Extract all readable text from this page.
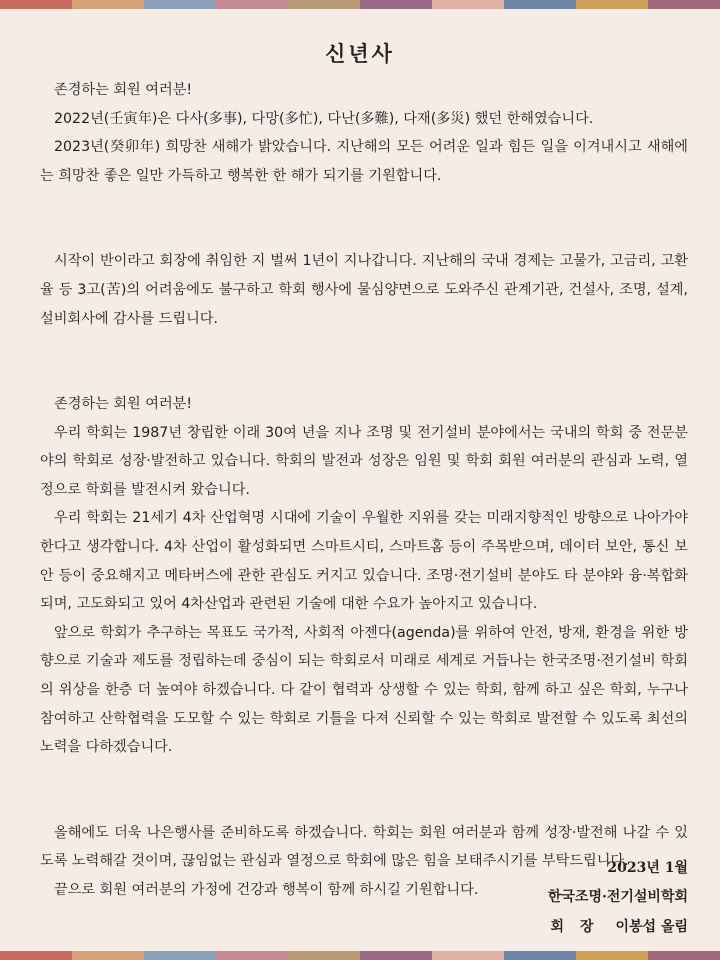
신년사

존경하는 회원 여러분!

2022년(壬寅年)은 다사(多事), 다망(多忙), 다난(多難), 다재(多災) 했던 한해였습니다.

2023년(癸卯年) 희망찬 새해가 밝았습니다. 지난해의 모든 어려운 일과 힘든 일을 이겨내시고 새해에는 희망찬 좋은 일만 가득하고 행복한 한 해가 되기를 기원합니다.

시작이 반이라고 회장에 취임한 지 벌써 1년이 지나갑니다. 지난해의 국내 경제는 고물가, 고금리, 고환율 등 3고(苦)의 어려움에도 불구하고 학회 행사에 물심양면으로 도와주신 관계기관, 건설사, 조명, 설계, 설비회사에 감사를 드립니다.

존경하는 회원 여러분!

우리 학회는 1987년 창립한 이래 30여 년을 지나 조명 및 전기설비 분야에서는 국내의 학회 중 전문분야의 학회로 성장·발전하고 있습니다. 학회의 발전과 성장은 임원 및 학회 회원 여러분의 관심과 노력, 열정으로 학회를 발전시켜 왔습니다.

우리 학회는 21세기 4차 산업혁명 시대에 기술이 우월한 지위를 갖는 미래지향적인 방향으로 나아가야 한다고 생각합니다. 4차 산업이 활성화되면 스마트시티, 스마트홈 등이 주목받으며, 데이터 보안, 통신 보안 등이 중요해지고 메타버스에 관한 관심도 커지고 있습니다. 조명·전기설비 분야도 타 분야와 융·복합화 되며, 고도화되고 있어 4차산업과 관련된 기술에 대한 수요가 높아지고 있습니다.

앞으로 학회가 추구하는 목표도 국가적, 사회적 아젠다(agenda)를 위하여 안전, 방재, 환경을 위한 방향으로 기술과 제도를 정립하는데 중심이 되는 학회로서 미래로 세계로 거듭나는 한국조명·전기설비 학회의 위상을 한층 더 높여야 하겠습니다. 다 같이 협력과 상생할 수 있는 학회, 함께 하고 싶은 학회, 누구나 참여하고 산학협력을 도모할 수 있는 학회로 기틀을 다져 신뢰할 수 있는 학회로 발전할 수 있도록 최선의 노력을 다하겠습니다.

올해에도 더욱 나은행사를 준비하도록 하겠습니다. 학회는 회원 여러분과 함께 성장·발전해 나갈 수 있도록 노력해갈 것이며, 끊임없는 관심과 열정으로 학회에 많은 힘을 보태주시기를 부탁드립니다.

끝으로 회원 여러분의 가정에 건강과 행복이 함께 하시길 기원합니다.

2023년 1월
한국조명·전기설비학회
회장 이봉섭 올림
